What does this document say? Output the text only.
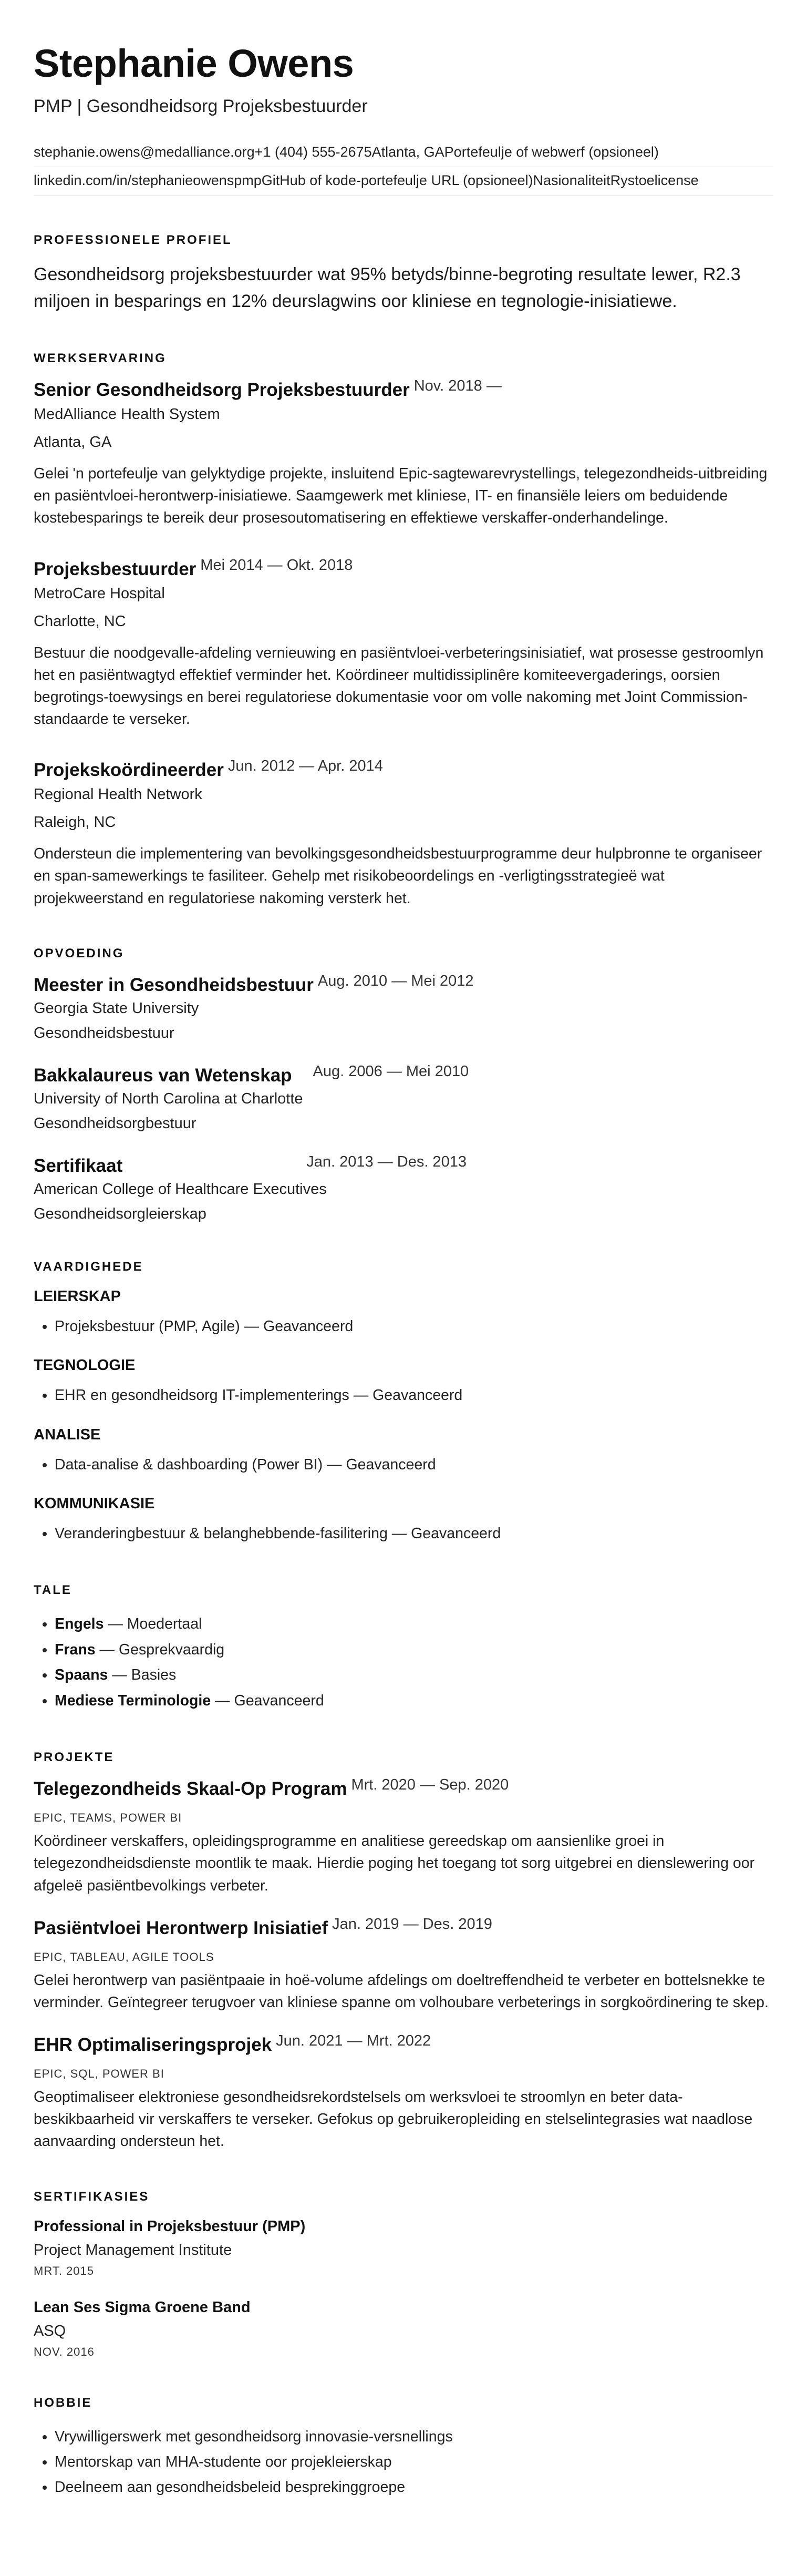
Stephanie Owens
PMP | Gesondheidsorg Projeksbestuurder
stephanie.owens@medalliance.org +1 (404) 555-2675 Atlanta, GA Portefeulje of webwerf (opsioneel)
linkedin.com/in/stephanieowenspmp GitHub of kode-portefeulje URL (opsioneel) Nasionaliteit Rystoelicense
PROFESSIONELE PROFIEL

Gesondheidsorg projeksbestuurder wat 95% betyds/binne-begroting resultate lewer, R2.3 miljoen in besparings en 12% deurslagwins oor kliniese en tegnologie-inisiatiewe.

WERKSERVARING
Senior Gesondheidsorg Projeksbestuurder Nov. 2018 —
MedAlliance Health System
Atlanta, GA

Gelei 'n portefeulje van gelyktydige projekte, insluitend Epic-sagtewarevrystellings, telegezondheids-uitbreiding en pasiëntvloei-herontwerp-inisiatiewe. Saamgewerk met kliniese, IT- en finansiële leiers om beduidende kostebesparings te bereik deur prosesoutomatisering en effektiewe verskaffer-onderhandelinge.

Projeksbestuurder Mei 2014 — Okt. 2018
MetroCare Hospital
Charlotte, NC

Bestuur die noodgevalle-afdeling vernieuwing en pasiëntvloei-verbeteringsinisiatief, wat prosesse gestroomlyn het en pasiëntwagtyd effektief verminder het. Koördineer multidissiplinêre komiteevergaderings, oorsien begrotings-toewysings en berei regulatoriese dokumentasie voor om volle nakoming met Joint Commission-standaarde te verseker.

Projekskoördineerder Jun. 2012 — Apr. 2014
Regional Health Network
Raleigh, NC

Ondersteun die implementering van bevolkingsgesondheidsbestuurprogramme deur hulpbronne te organiseer en span-samewerkings te fasiliteer. Gehelp met risikobeoordelings en -verligtingsstrategieë wat projekweerstand en regulatoriese nakoming versterk het.

OPVOEDING
Meester in Gesondheidsbestuur Aug. 2010 — Mei 2012
Georgia State University
Gesondheidsbestuur
Bakkalaureus van Wetenskap Aug. 2006 — Mei 2010
University of North Carolina at Charlotte
Gesondheidsorgbestuur
Sertifikaat	Jan. 2013 — Des. 2013
American College of Healthcare Executives
Gesondheidsorgleierskap
VAARDIGHEDE
LEIERSKAP
• Projeksbestuur (PMP, Agile) — Geavanceerd
TEGNOLOGIE
• EHR en gesondheidsorg IT-implementerings — Geavanceerd
ANALISE
• Data-analise & dashboarding (Power BI) — Geavanceerd
KOMMUNIKASIE
• Veranderingbestuur & belanghebbende-fasilitering — Geavanceerd
TALE
• Engels — Moedertaal
• Frans — Gesprekvaardig
• Spaans — Basies
• Mediese Terminologie — Geavanceerd
PROJEKTE
Telegezondheids Skaal-Op Program Mrt. 2020 — Sep. 2020
EPIC, TEAMS, POWER BI

Koördineer verskaffers, opleidingsprogramme en analitiese gereedskap om aansienlike groei in telegezondheidsdienste moontlik te maak. Hierdie poging het toegang tot sorg uitgebrei en dienslewering oor afgeleë pasiëntbevolkings verbeter.

Pasiëntvloei Herontwerp Inisiatief Jan. 2019 — Des. 2019
EPIC, TABLEAU, AGILE TOOLS

Gelei herontwerp van pasiëntpaaie in hoë-volume afdelings om doeltreffendheid te verbeter en bottelsnekke te verminder. Geïntegreer terugvoer van kliniese spanne om volhoubare verbeterings in sorgkoördinering te skep.

EHR Optimaliseringsprojek Jun. 2021 — Mrt. 2022
EPIC, SQL, POWER BI

Geoptimaliseer elektroniese gesondheidsrekordstelsels om werksvloei te stroomlyn en beter data-beskikbaarheid vir verskaffers te verseker. Gefokus op gebruikeropleiding en stelselintegrasies wat naadlose aanvaarding ondersteun het.

SERTIFIKASIES
Professional in Projeksbestuur (PMP)
Project Management Institute
MRT. 2015
Lean Ses Sigma Groene Band
ASQ
NOV. 2016
HOBBIE
• Vrywilligerswerk met gesondheidsorg innovasie-versnellings
• Mentorskap van MHA-studente oor projekleierskap
• Deelneem aan gesondheidsbeleid besprekinggroepe
